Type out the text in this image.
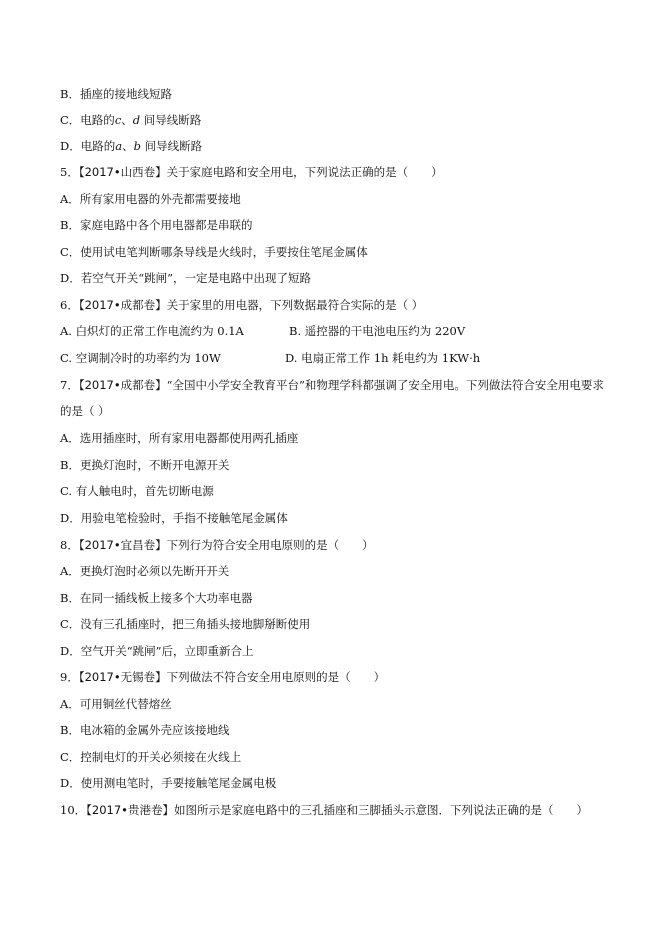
B．插座的接地线短路
C．电路的c、d 间导线断路
D．电路的a、b 间导线断路
5．【2017•山西卷】关于家庭电路和安全用电，下列说法正确的是（　　）
A．所有家用电器的外壳都需要接地
B．家庭电路中各个用电器都是串联的
C．使用试电笔判断哪条导线是火线时，手要按住笔尾金属体
D．若空气开关“跳闸”，一定是电路中出现了短路
6．【2017•成都卷】关于家里的用电器，下列数据最符合实际的是（ ）
A. 白炽灯的正常工作电流约为 0.1A	B. 遥控器的干电池电压约为 220V
C. 空调制冷时的功率约为 10W	D. 电扇正常工作 1h 耗电约为 1KW·h
7．【2017•成都卷】“全国中小学安全教育平台”和物理学科都强调了安全用电。下列做法符合安全用电要求
的是（ ）
A．选用插座时，所有家用电器都使用两孔插座
B．更换灯泡时，不断开电源开关
C. 有人触电时，首先切断电源
D．用验电笔检验时，手指不接触笔尾金属体
8．【2017•宜昌卷】下列行为符合安全用电原则的是（　　）
A．更换灯泡时必须以先断开开关
B．在同一插线板上接多个大功率电器
C．没有三孔插座时，把三角插头接地脚掰断使用
D．空气开关“跳闸”后，立即重新合上
9．【2017•无锡卷】下列做法不符合安全用电原则的是（　　）
A．可用铜丝代替熔丝
B．电冰箱的金属外壳应该接地线
C．控制电灯的开关必须接在火线上
D．使用测电笔时，手要接触笔尾金属电极
10．【2017•贵港卷】如图所示是家庭电路中的三孔插座和三脚插头示意图．下列说法正确的是（　　）
